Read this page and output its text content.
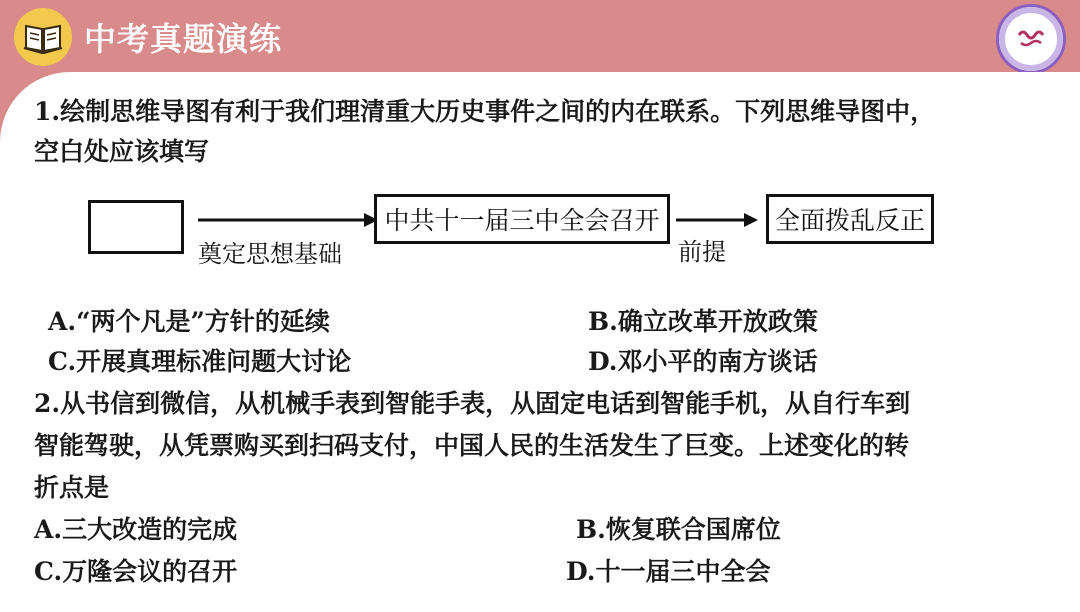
中考真题演练
1.绘制思维导图有利于我们理清重大历史事件之间的内在联系。下列思维导图中，
空白处应该填写
奠定思想基础
中共十一届三中全会召开
前提
全面拨乱反正
A.“两个凡是”方针的延续	B.确立改革开放政策
C.开展真理标准问题大讨论	D.邓小平的南方谈话
2.从书信到微信，从机械手表到智能手表，从固定电话到智能手机，从自行车到
智能驾驶，从凭票购买到扫码支付，中国人民的生活发生了巨变。上述变化的转
折点是
A.三大改造的完成	B.恢复联合国席位
C.万隆会议的召开	D.十一届三中全会
